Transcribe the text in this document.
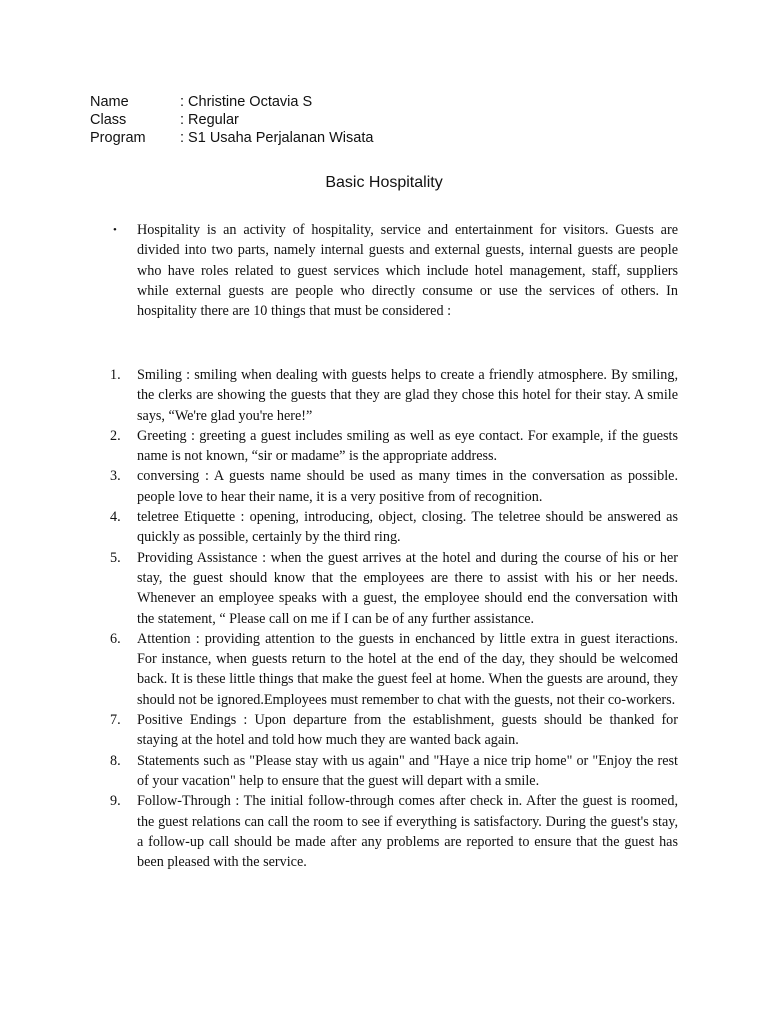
Name	: Christine Octavia S
Class	: Regular
Program	: S1 Usaha Perjalanan Wisata
Basic Hospitality
• Hospitality is an activity of hospitality, service and entertainment for visitors. Guests are divided into two parts, namely internal guests and external guests, internal guests are people who have roles related to guest services which include hotel management, staff, suppliers while external guests are people who directly consume or use the services of others. In hospitality there are 10 things that must be considered :
1. Smiling : smiling when dealing with guests helps to create a friendly atmosphere. By smiling, the clerks are showing the guests that they are glad they chose this hotel for their stay. A smile says, “We're glad you're here!”
2. Greeting : greeting a guest includes smiling as well as eye contact. For example, if the guests name is not known, “sir or madame” is the appropriate address.
3. conversing : A guests name should be used as many times in the conversation as possible. people love to hear their name, it is a very positive from of recognition.
4. teletree Etiquette : opening, introducing, object, closing. The teletree should be answered as quickly as possible, certainly by the third ring.
5. Providing Assistance : when the guest arrives at the hotel and during the course of his or her stay, the guest should know that the employees are there to assist with his or her needs. Whenever an employee speaks with a guest, the employee should end the conversation with the statement, “ Please call on me if I can be of any further assistance.
6. Attention : providing attention to the guests in enchanced by little extra in guest iteractions. For instance, when guests return to the hotel at the end of the day, they should be welcomed back. It is these little things that make the guest feel at home. When the guests are around, they should not be ignored.Employees must remember to chat with the guests, not their co-workers.
7. Positive Endings : Upon departure from the establishment, guests should be thanked for staying at the hotel and told how much they are wanted back again.
8. Statements such as "Please stay with us again" and "Haye a nice trip home" or "Enjoy the rest of your vacation" help to ensure that the guest will depart with a smile.
9. Follow-Through : The initial follow-through comes after check in. After the guest is roomed, the guest relations can call the room to see if everything is satisfactory. During the guest's stay, a follow-up call should be made after any problems are reported to ensure that the guest has been pleased with the service.
